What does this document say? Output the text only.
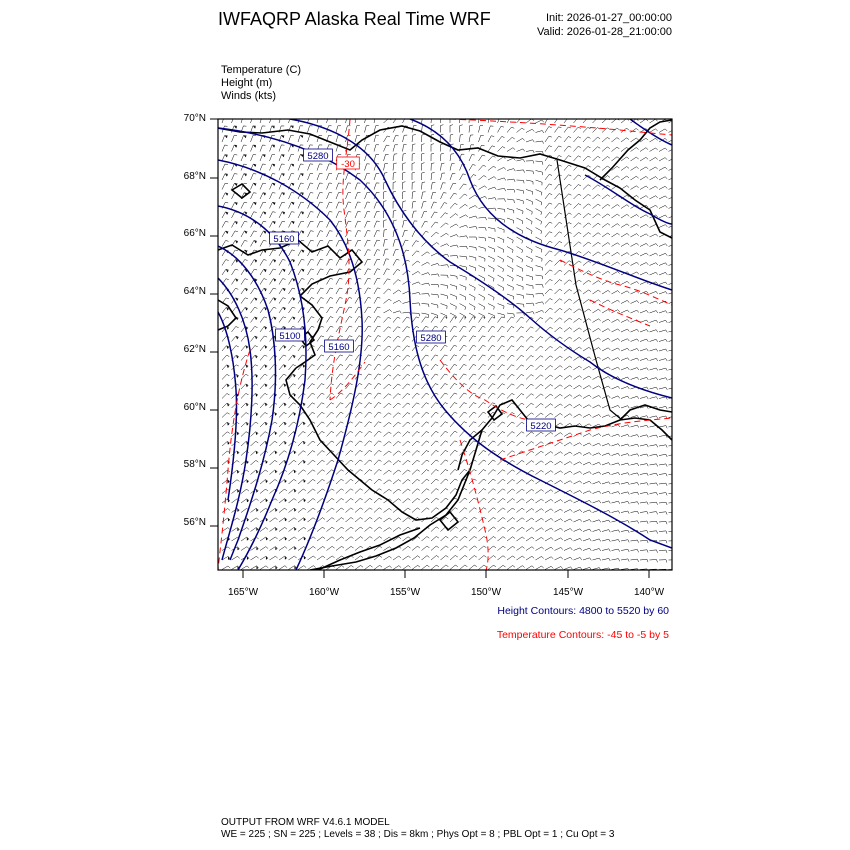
IWFAQRP Alaska Real Time WRF	Init: 2026-01-27_00:00:00
Valid: 2026-01-28_21:00:00
Temperature (C)
Height (m)
Winds (kts)
5280
5160
5100
5160
5280
5220
-30
70°N
68°N
66°N
64°N
62°N
60°N
58°N
56°N
165°W	160°W	155°W	150°W	145°W	140°W
Height Contours: 4800 to 5520 by 60
Temperature Contours: -45 to -5 by 5
OUTPUT FROM WRF V4.6.1 MODEL
WE = 225 ; SN = 225 ; Levels = 38 ; Dis = 8km ; Phys Opt = 8 ; PBL Opt = 1 ; Cu Opt = 3
